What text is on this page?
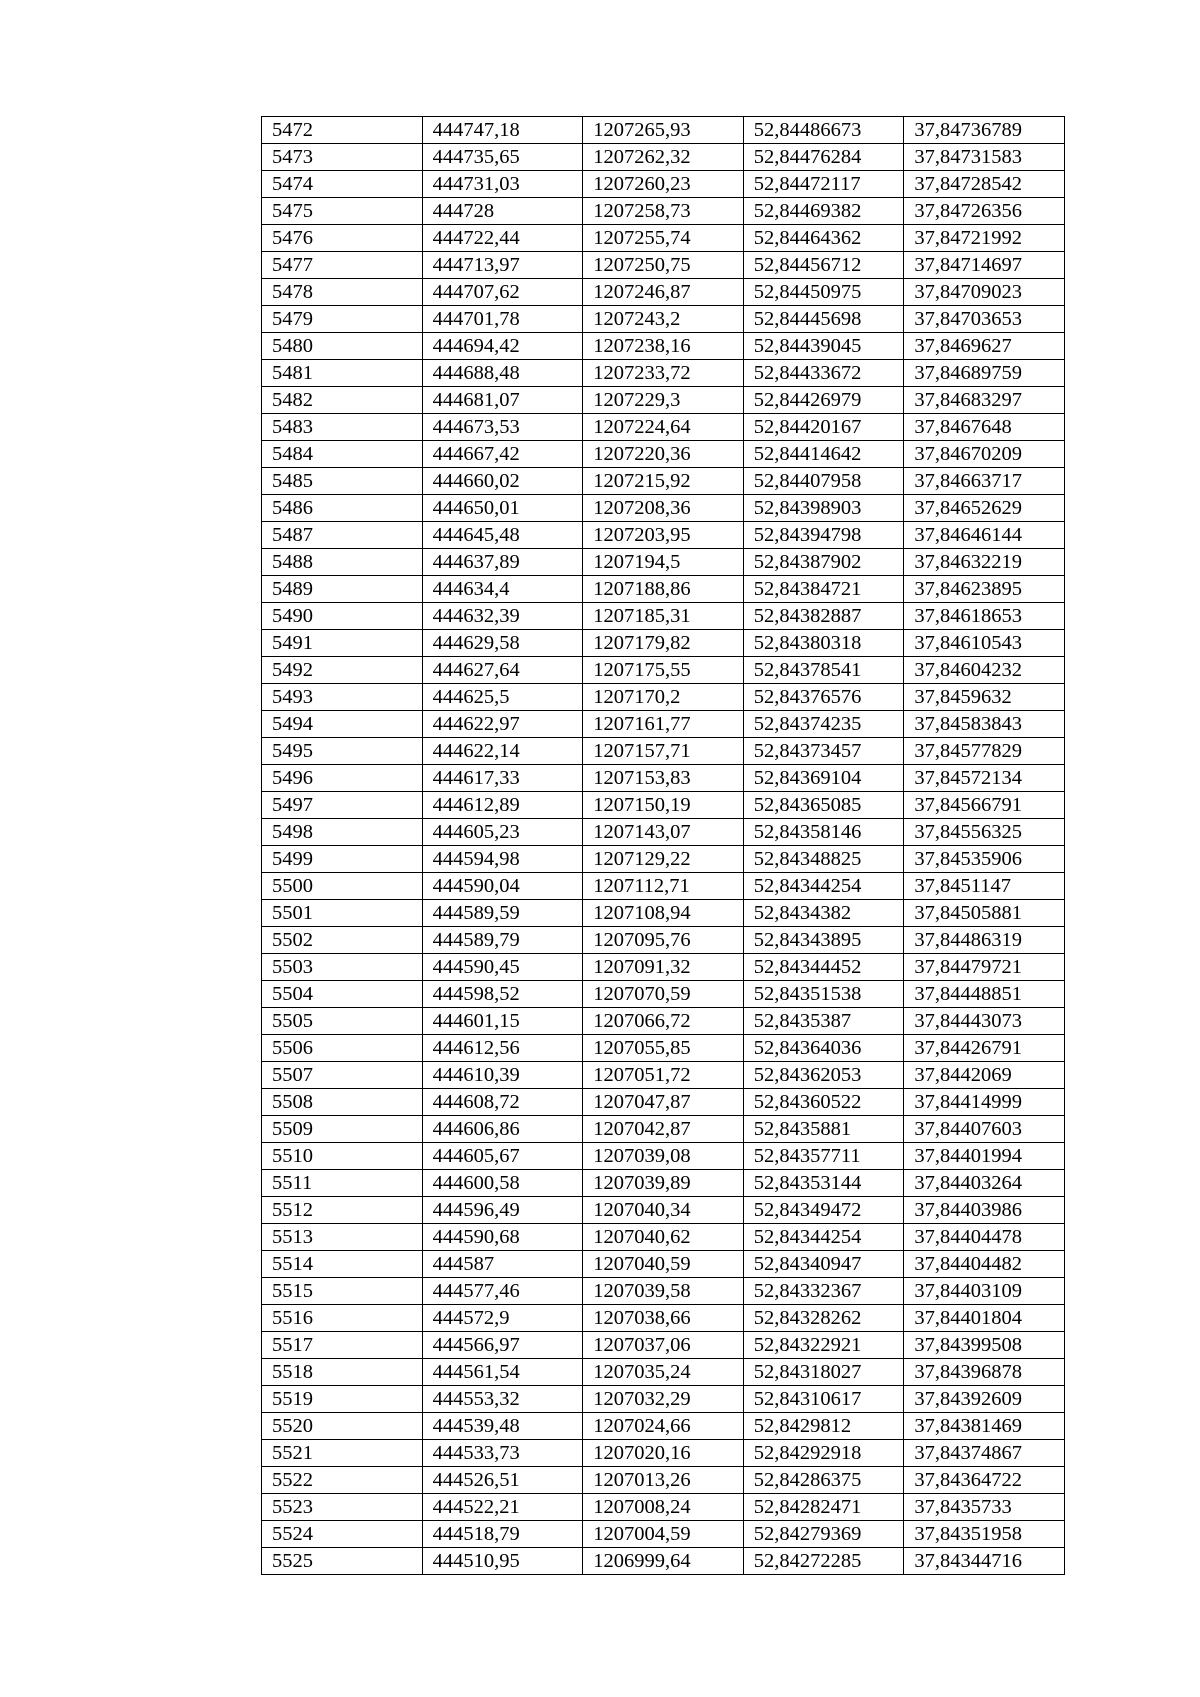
5472	444747,18	1207265,93	52,84486673	37,84736789
5473	444735,65	1207262,32	52,84476284	37,84731583
5474	444731,03	1207260,23	52,84472117	37,84728542
5475	444728	1207258,73	52,84469382	37,84726356
5476	444722,44	1207255,74	52,84464362	37,84721992
5477	444713,97	1207250,75	52,84456712	37,84714697
5478	444707,62	1207246,87	52,84450975	37,84709023
5479	444701,78	1207243,2	52,84445698	37,84703653
5480	444694,42	1207238,16	52,84439045	37,8469627
5481	444688,48	1207233,72	52,84433672	37,84689759
5482	444681,07	1207229,3	52,84426979	37,84683297
5483	444673,53	1207224,64	52,84420167	37,8467648
5484	444667,42	1207220,36	52,84414642	37,84670209
5485	444660,02	1207215,92	52,84407958	37,84663717
5486	444650,01	1207208,36	52,84398903	37,84652629
5487	444645,48	1207203,95	52,84394798	37,84646144
5488	444637,89	1207194,5	52,84387902	37,84632219
5489	444634,4	1207188,86	52,84384721	37,84623895
5490	444632,39	1207185,31	52,84382887	37,84618653
5491	444629,58	1207179,82	52,84380318	37,84610543
5492	444627,64	1207175,55	52,84378541	37,84604232
5493	444625,5	1207170,2	52,84376576	37,8459632
5494	444622,97	1207161,77	52,84374235	37,84583843
5495	444622,14	1207157,71	52,84373457	37,84577829
5496	444617,33	1207153,83	52,84369104	37,84572134
5497	444612,89	1207150,19	52,84365085	37,84566791
5498	444605,23	1207143,07	52,84358146	37,84556325
5499	444594,98	1207129,22	52,84348825	37,84535906
5500	444590,04	1207112,71	52,84344254	37,8451147
5501	444589,59	1207108,94	52,8434382	37,84505881
5502	444589,79	1207095,76	52,84343895	37,84486319
5503	444590,45	1207091,32	52,84344452	37,84479721
5504	444598,52	1207070,59	52,84351538	37,84448851
5505	444601,15	1207066,72	52,8435387	37,84443073
5506	444612,56	1207055,85	52,84364036	37,84426791
5507	444610,39	1207051,72	52,84362053	37,8442069
5508	444608,72	1207047,87	52,84360522	37,84414999
5509	444606,86	1207042,87	52,8435881	37,84407603
5510	444605,67	1207039,08	52,84357711	37,84401994
5511	444600,58	1207039,89	52,84353144	37,84403264
5512	444596,49	1207040,34	52,84349472	37,84403986
5513	444590,68	1207040,62	52,84344254	37,84404478
5514	444587	1207040,59	52,84340947	37,84404482
5515	444577,46	1207039,58	52,84332367	37,84403109
5516	444572,9	1207038,66	52,84328262	37,84401804
5517	444566,97	1207037,06	52,84322921	37,84399508
5518	444561,54	1207035,24	52,84318027	37,84396878
5519	444553,32	1207032,29	52,84310617	37,84392609
5520	444539,48	1207024,66	52,8429812	37,84381469
5521	444533,73	1207020,16	52,84292918	37,84374867
5522	444526,51	1207013,26	52,84286375	37,84364722
5523	444522,21	1207008,24	52,84282471	37,8435733
5524	444518,79	1207004,59	52,84279369	37,84351958
5525	444510,95	1206999,64	52,84272285	37,84344716
